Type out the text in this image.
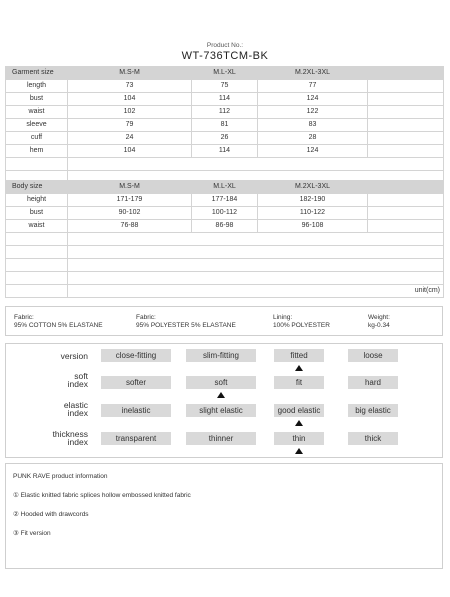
Product No.:
WT-736TCM-BK
Garment size	M.S-M	M.L-XL	M.2XL-3XL	
length	73	75	77	
bust	104	114	124	
waist	102	112	122	
sleeve	79	81	83	
cuff	24	26	28	
hem	104	114	124	

Body size	M.S-M	M.L-XL	M.2XL-3XL	
height	171-179	177-184	182-190	
bust	90-102	100-112	110-122	
waist	76-88	86-98	96-108	

	unit(cm)			
Fabric:
95% COTTON 5% ELASTANE
Fabric:
95% POLYESTER 5% ELASTANE
Lining:
100% POLYESTER
Weight:
kg-0.34
version	close-fitting	slim-fitting	fitted	loose
soft
index	softer	soft	fit	hard
elastic
index	inelastic	slight elastic	good elastic	big elastic
thickness
index	transparent	thinner	thin	thick
PUNK RAVE product information
① Elastic knitted fabric splices hollow embossed knitted fabric
② Hooded with drawcords
③ Fit version
